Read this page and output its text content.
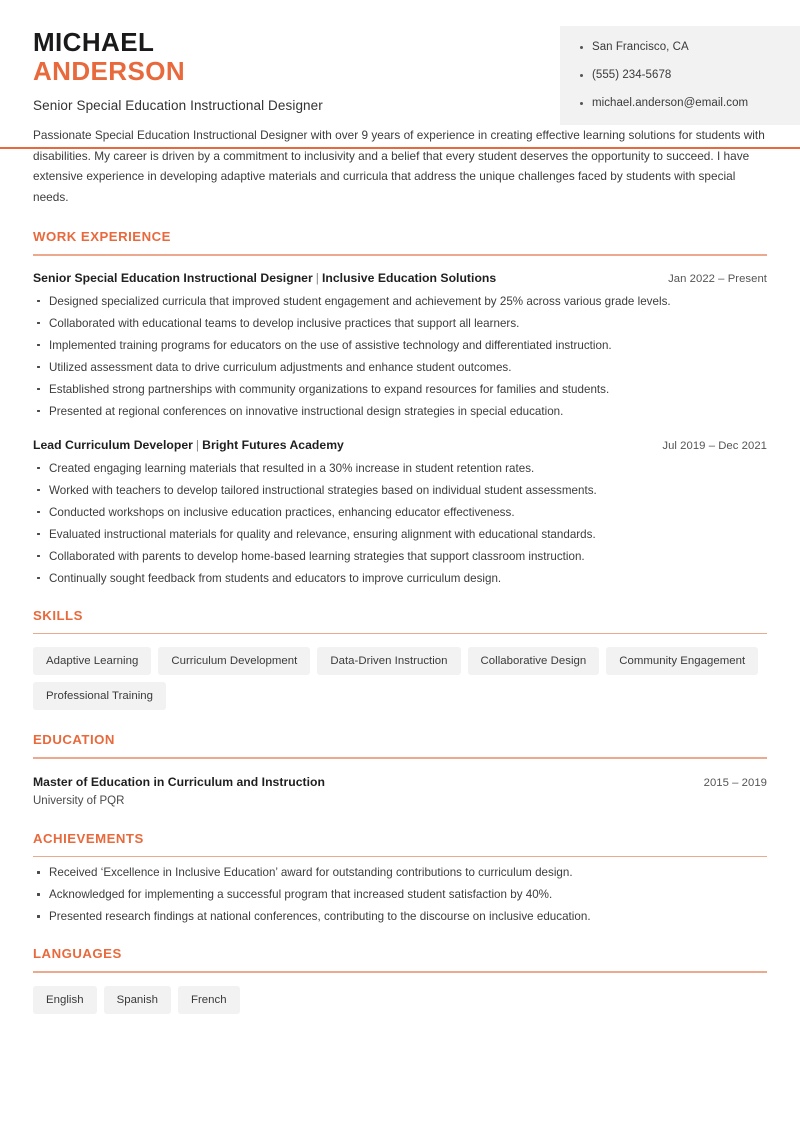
MICHAEL
ANDERSON
Senior Special Education Instructional Designer
San Francisco, CA
(555) 234-5678
michael.anderson@email.com
Passionate Special Education Instructional Designer with over 9 years of experience in creating effective learning solutions for students with disabilities. My career is driven by a commitment to inclusivity and a belief that every student deserves the opportunity to succeed. I have extensive experience in developing adaptive materials and curricula that address the unique challenges faced by students with special needs.
WORK EXPERIENCE
Senior Special Education Instructional Designer | Inclusive Education Solutions	Jan 2022 – Present
Designed specialized curricula that improved student engagement and achievement by 25% across various grade levels.
Collaborated with educational teams to develop inclusive practices that support all learners.
Implemented training programs for educators on the use of assistive technology and differentiated instruction.
Utilized assessment data to drive curriculum adjustments and enhance student outcomes.
Established strong partnerships with community organizations to expand resources for families and students.
Presented at regional conferences on innovative instructional design strategies in special education.
Lead Curriculum Developer | Bright Futures Academy	Jul 2019 – Dec 2021
Created engaging learning materials that resulted in a 30% increase in student retention rates.
Worked with teachers to develop tailored instructional strategies based on individual student assessments.
Conducted workshops on inclusive education practices, enhancing educator effectiveness.
Evaluated instructional materials for quality and relevance, ensuring alignment with educational standards.
Collaborated with parents to develop home-based learning strategies that support classroom instruction.
Continually sought feedback from students and educators to improve curriculum design.
SKILLS
Adaptive Learning	Curriculum Development	Data-Driven Instruction	Collaborative Design	Community Engagement
Professional Training
EDUCATION
Master of Education in Curriculum and Instruction	2015 – 2019
University of PQR
ACHIEVEMENTS
Received ‘Excellence in Inclusive Education’ award for outstanding contributions to curriculum design.
Acknowledged for implementing a successful program that increased student satisfaction by 40%.
Presented research findings at national conferences, contributing to the discourse on inclusive education.
LANGUAGES
English	Spanish	French
